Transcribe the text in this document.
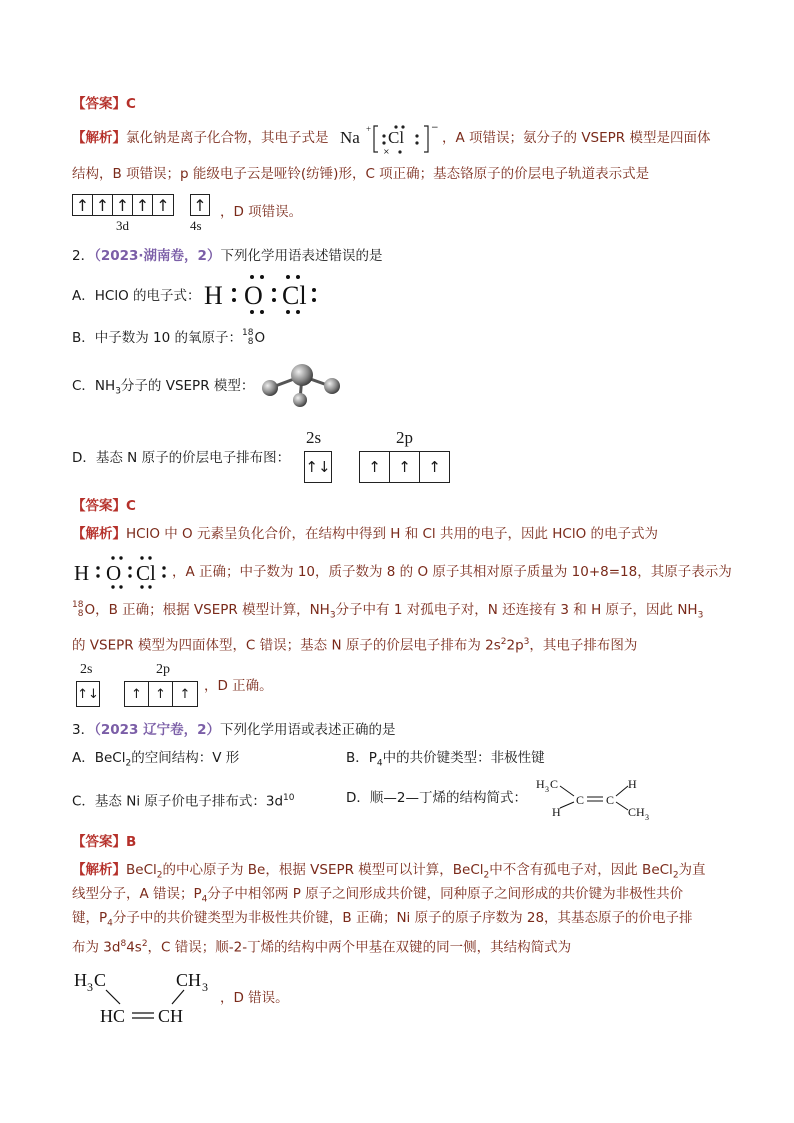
【答案】C
【解析】氯化钠是离子化合物，其电子式是 Na +
×
−
Cl	，A 项错误；氨分子的 VSEPR 模型是四面体
结构，B 项错误；p 能级电子云是哑铃(纺锤)形，C 项正确；基态铬原子的价层电子轨道表示式是
↑ ↑ ↑ ↑ ↑ ↑
3d	4s
，D 项错误。
2．（2023·湖南卷，2）下列化学用语表述错误的是
A．HClO 的电子式： H O Cl
B．中子数为 10 的氧原子：18
8O
C．$NH_3$分子的 VSEPR 模型：
D．基态 N 原子的价层电子排布图：
2s	2p
↑↓	↑	↑	↑
【答案】C
【解析】HClO 中 O 元素呈负化合价，在结构中得到 H 和 Cl 共用的电子，因此 HClO 的电子式为
H O Cl ，A 正确；中子数为 10，质子数为 8 的 O 原子其相对原子质量为 10+8=18，其原子表示为
18
8O，B 正确；根据 VSEPR 模型计算，$NH_3$分子中有 1 对孤电子对，N 还连接有 3 和 H 原子，因此 $NH_3$
的 VSEPR 模型为四面体型，C 错误；基态 N 原子的价层电子排布为 $2s^22p^3$，其电子排布图为
2s	2p
↑↓	↑	↑	↑	，D 正确。
3．（2023 辽宁卷，2）下列化学用语或表述正确的是
A．BeCl$_2$的空间结构：V 形	B．$P_4$中的共价键类型：非极性键
C．基态 Ni 原子价电子排布式：$3d^{10}$	D．顺—2—丁烯的结构简式：
H 3 C
H
C C
H
CH 3
【答案】B
【解析】BeCl$_2$的中心原子为 Be，根据 VSEPR 模型可以计算，BeCl$_2$中不含有孤电子对，因此 BeCl$_2$为直
线型分子，A 错误；$P_4$分子中相邻两 P 原子之间形成共价键，同种原子之间形成的共价键为非极性共价
键，$P_4$分子中的共价键类型为非极性共价键，B 正确；Ni 原子的原子序数为 28，其基态原子的价电子排
布为 $3d^84s^2$，C 错误；顺-2-丁烯的结构中两个甲基在双键的同一侧，其结构简式为
H 3 C	CH 3
HC CH
，D 错误。
